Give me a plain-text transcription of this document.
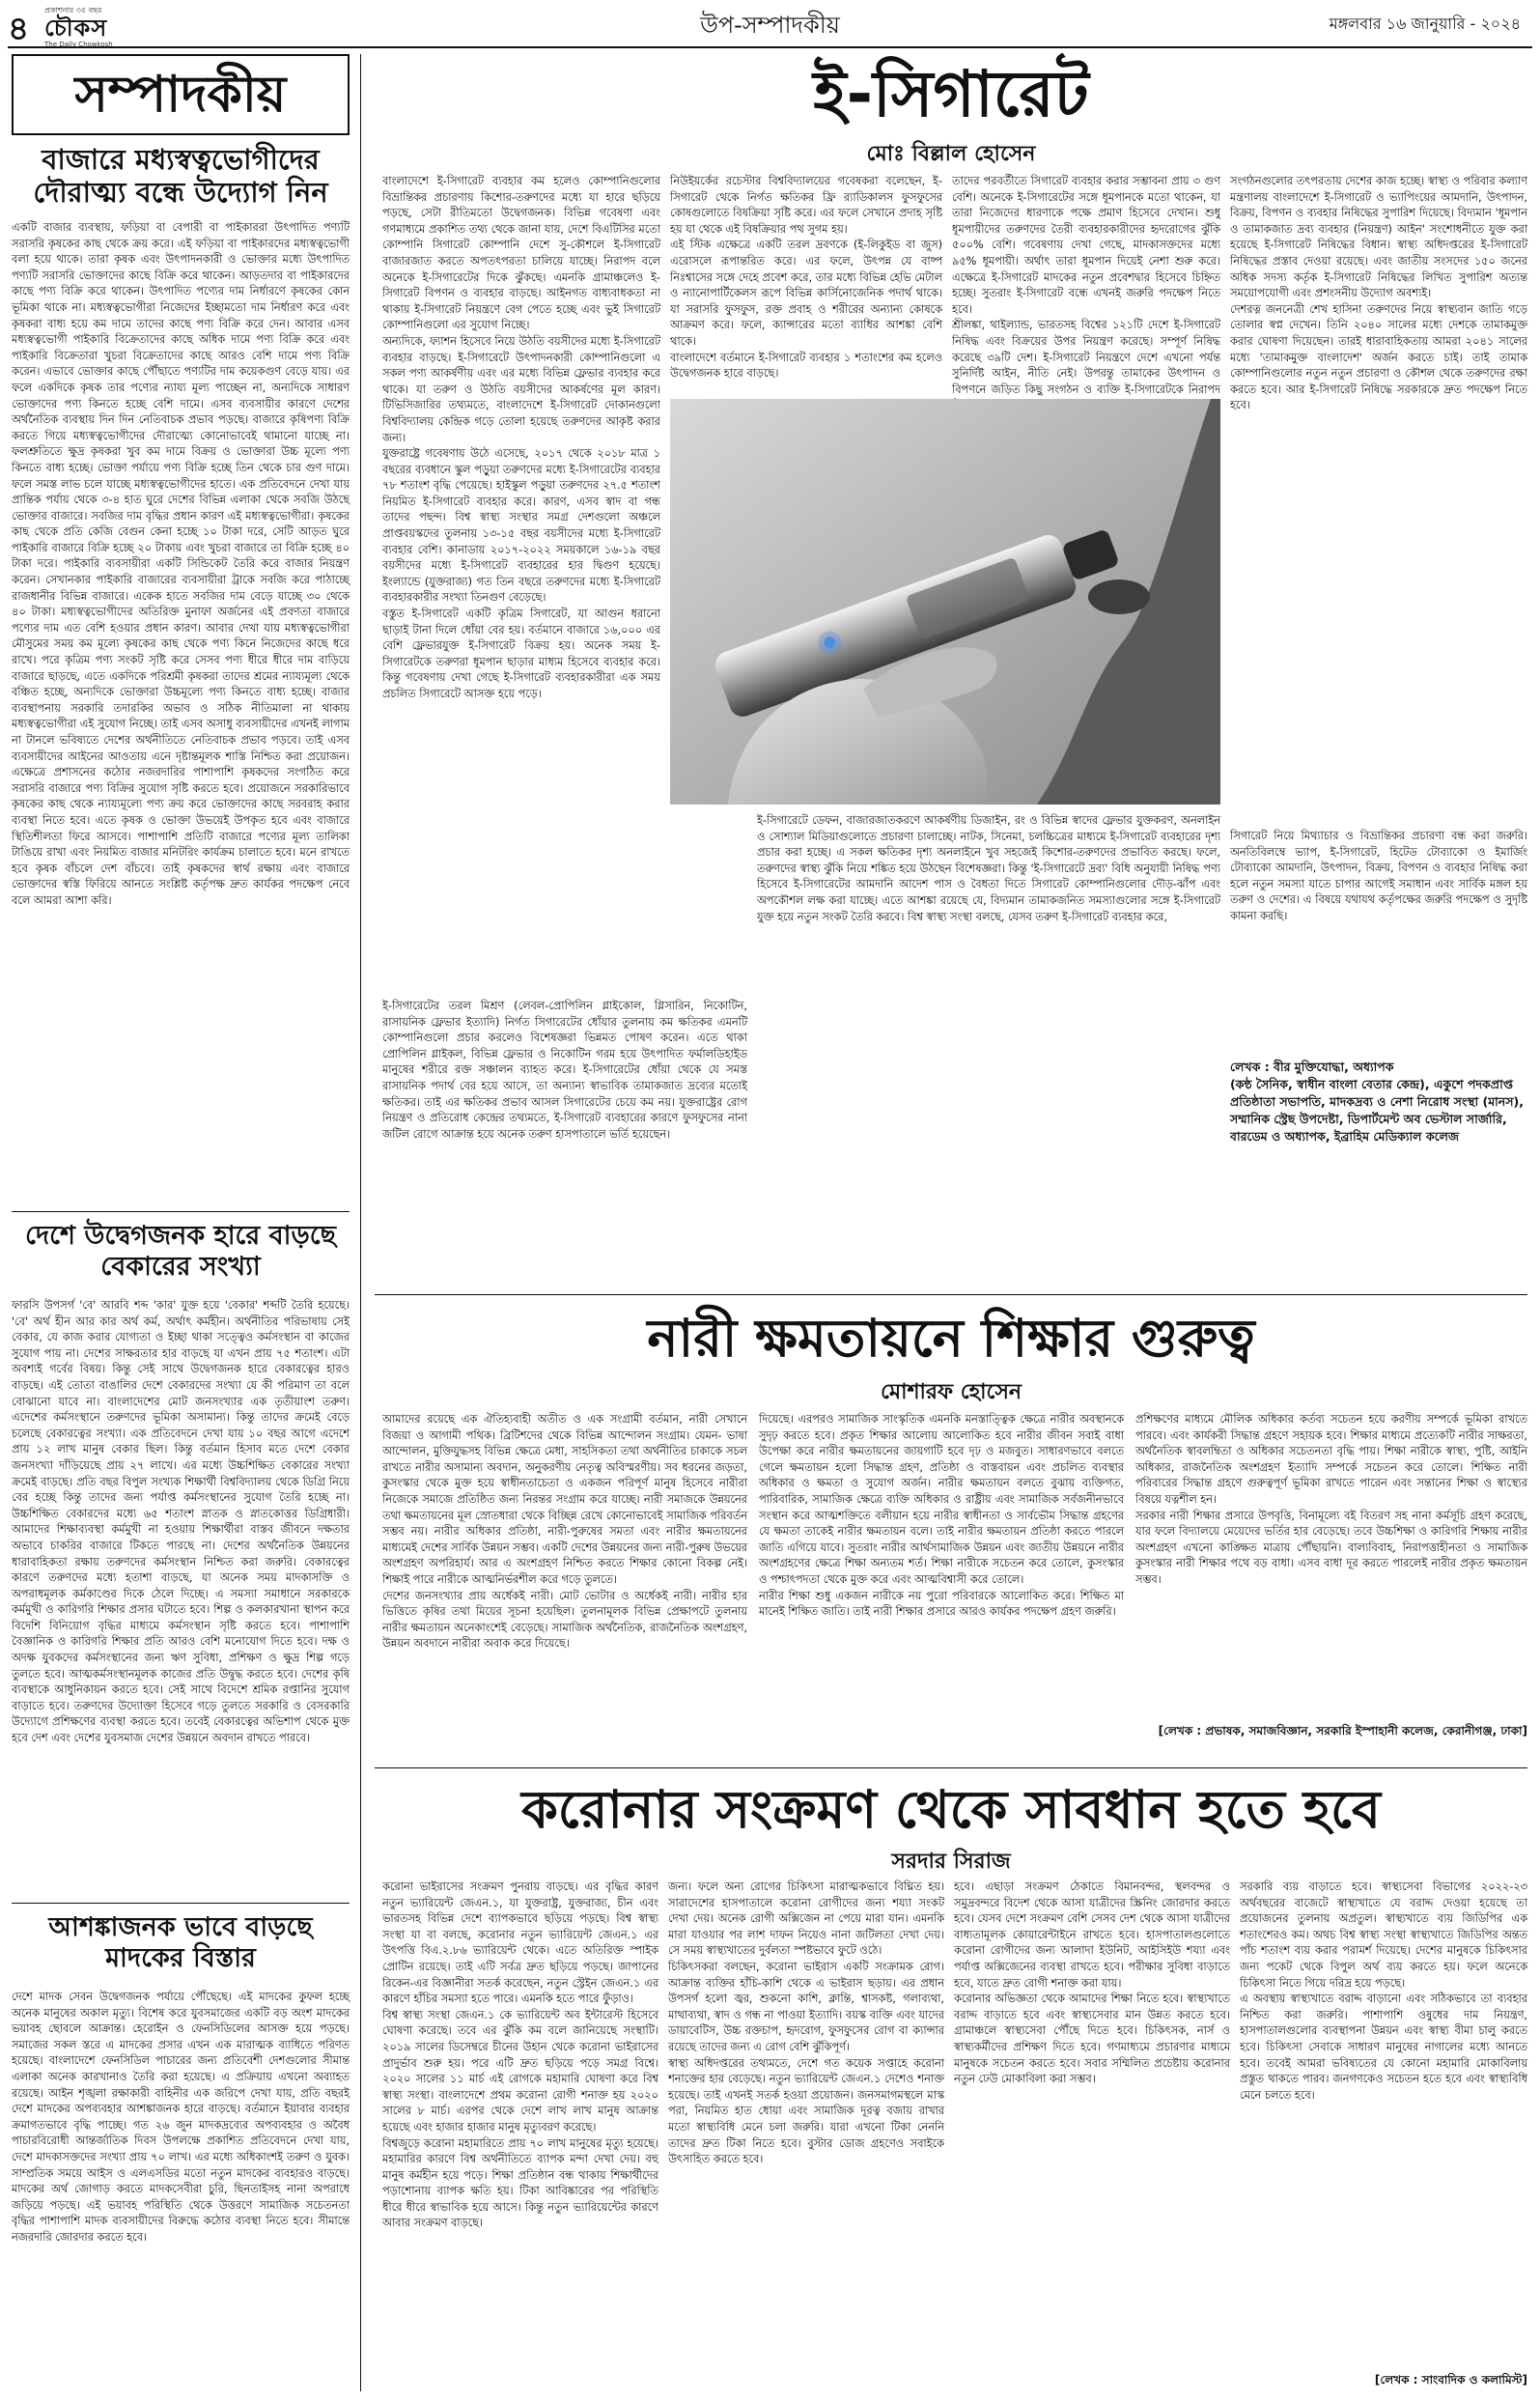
৪ প্রকাশনার ৩৫ বছর
চৌকস
The Daily Chowkosh
উপ-সম্পাদকীয়	মঙ্গলবার ১৬ জানুয়ারি - ২০২৪
সম্পাদকীয়
বাজারে মধ্যস্বত্বভোগীদের দৌরাত্ম্য বন্ধে উদ্যোগ নিন
একটি বাজার ব্যবস্থায়, ফড়িয়া বা বেপারী বা পাইকাররা উৎপাদিত পণ্যটি সরাসরি কৃষকের কাছ থেকে ক্রয় করে। এই ফড়িয়া বা পাইকারদের মধ্যস্বত্বভোগী বলা হয়ে থাকে। তারা কৃষক এবং উৎপাদনকারী ও ভোক্তার মধ্যে উৎপাদিত পণ্যটি সরাসরি ভোক্তাদের কাছে বিক্রি করে থাকেন। আড়তদার বা পাইকারদের কাছে পণ্য বিক্রি করে থাকেন। উৎপাদিত পণ্যের দাম নির্ধারণে কৃষকের কোন ভূমিকা থাকে না। মধ্যস্বত্বভোগীরা নিজেদের ইচ্ছামতো দাম নির্ধারণ করে এবং কৃষকরা বাধ্য হয়ে কম দামে তাদের কাছে পণ্য বিক্রি করে দেন। আবার এসব মধ্যস্বত্বভোগী পাইকারি বিক্রেতাদের কাছে অধিক দামে পণ্য বিক্রি করে এবং পাইকারি বিক্রেতারা খুচরা বিক্রেতাদের কাছে আরও বেশি দামে পণ্য বিক্রি করেন। এভাবে ভোক্তার কাছে পৌঁছাতে পণ্যটির দাম কয়েকগুণ বেড়ে যায়। এর ফলে একদিকে কৃষক তার পণ্যের ন্যায্য মূল্য পাচ্ছেন না, অন্যদিকে সাধারণ ভোক্তাদের পণ্য কিনতে হচ্ছে বেশি দামে। এসব ব্যবসায়ীর কারণে দেশের অর্থনৈতিক ব্যবস্থায় দিন দিন নেতিবাচক প্রভাব পড়ছে। বাজারে কৃষিপণ্য বিক্রি করতে গিয়ে মধ্যস্বত্বভোগীদের দৌরাত্ম্যে কোনোভাবেই থামানো যাচ্ছে না। ফলশ্রুতিতে ক্ষুদ্র কৃষকরা খুব কম দামে বিক্রয় ও ভোক্তারা উচ্চ মূল্যে পণ্য কিনতে বাধ্য হচ্ছে। ভোক্তা পর্যায়ে পণ্য বিক্রি হচ্ছে তিন থেকে চার গুণ দামে। ফলে সমস্ত লাভ চলে যাচ্ছে মধ্যস্বত্বভোগীদের হাতে। এক প্রতিবেদনে দেখা যায় প্রান্তিক পর্যায় থেকে ৩-৪ হাত ঘুরে দেশের বিভিন্ন এলাকা থেকে সবজি উঠছে ভোক্তার বাজারে। সবজির দাম বৃদ্ধির প্রধান কারণ এই মধ্যস্বত্বভোগীরা। কৃষকের কাছ থেকে প্রতি কেজি বেগুন কেনা হচ্ছে ১০ টাকা দরে, সেটি আড়ত ঘুরে পাইকারি বাজারে বিক্রি হচ্ছে ২০ টাকায় এবং খুচরা বাজারে তা বিক্রি হচ্ছে ৪০ টাকা দরে। পাইকারি ব্যবসায়ীরা একটি সিন্ডিকেট তৈরি করে বাজার নিয়ন্ত্রণ করেন। সেখানকার পাইকারি বাজারের ব্যবসায়ীরা ট্রাকে সবজি করে পাঠাচ্ছে রাজধানীর বিভিন্ন বাজারে। একেক হাতে সবজির দাম বেড়ে যাচ্ছে ৩০ থেকে ৪০ টাকা। মধ্যস্বত্বভোগীদের অতিরিক্ত মুনাফা অর্জনের এই প্রবণতা বাজারে পণ্যের দাম এত বেশি হওয়ার প্রধান কারণ। আবার দেখা যায় মধ্যস্বত্বভোগীরা মৌসুমের সময় কম মূল্যে কৃষকের কাছ থেকে পণ্য কিনে নিজেদের কাছে ধরে রাখে। পরে কৃত্রিম পণ্য সংকট সৃষ্টি করে সেসব পণ্য ধীরে ধীরে দাম বাড়িয়ে বাজারে ছাড়ছে, এতে একদিকে পরিশ্রমী কৃষকরা তাদের শ্রমের ন্যায্যমূল্য থেকে বঞ্চিত হচ্ছে, অন্যদিকে ভোক্তারা উচ্চমূল্যে পণ্য কিনতে বাধ্য হচ্ছে। বাজার ব্যবস্থাপনায় সরকারি তদারকির অভাব ও সঠিক নীতিমালা না থাকায় মধ্যস্বত্বভোগীরা এই সুযোগ নিচ্ছে। তাই এসব অসাধু ব্যবসায়ীদের এখনই লাগাম না টানলে ভবিষ্যতে দেশের অর্থনীতিতে নেতিবাচক প্রভাব পড়বে। তাই এসব ব্যবসায়ীদের আইনের আওতায় এনে দৃষ্টান্তমূলক শাস্তি নিশ্চিত করা প্রয়োজন। এক্ষেত্রে প্রশাসনের কঠোর নজরদারির পাশাপাশি কৃষকদের সংগঠিত করে সরাসরি বাজারে পণ্য বিক্রির সুযোগ সৃষ্টি করতে হবে। প্রয়োজনে সরকারিভাবে কৃষকের কাছ থেকে ন্যায্যমূল্যে পণ্য ক্রয় করে ভোক্তাদের কাছে সরবরাহ করার ব্যবস্থা নিতে হবে। এতে কৃষক ও ভোক্তা উভয়েই উপকৃত হবে এবং বাজারে স্থিতিশীলতা ফিরে আসবে। পাশাপাশি প্রতিটি বাজারে পণ্যের মূল্য তালিকা টাঙিয়ে রাখা এবং নিয়মিত বাজার মনিটরিং কার্যক্রম চালাতে হবে। মনে রাখতে হবে কৃষক বাঁচলে দেশ বাঁচবে। তাই কৃষকদের স্বার্থ রক্ষায় এবং বাজারে ভোক্তাদের স্বস্তি ফিরিয়ে আনতে সংশ্লিষ্ট কর্তৃপক্ষ দ্রুত কার্যকর পদক্ষেপ নেবে বলে আমরা আশা করি।
দেশে উদ্বেগজনক হারে বাড়ছে বেকারের সংখ্যা
ফারসি উপসর্গ 'বে' আরবি শব্দ 'কার' যুক্ত হয়ে 'বেকার' শব্দটি তৈরি হয়েছে। 'বে' অর্থ হীন আর কার অর্থ কর্ম, অর্থাৎ কর্মহীন। অর্থনীতির পরিভাষায় সেই বেকার, যে কাজ করার যোগ্যতা ও ইচ্ছা থাকা সত্ত্বেও কর্মসংস্থান বা কাজের সুযোগ পায় না। দেশের সাক্ষরতার হার বাড়ছে যা এখন প্রায় ৭৫ শতাংশ। এটা অবশ্যই গর্বের বিষয়। কিন্তু সেই সাথে উদ্বেগজনক হারে বেকারত্বের হারও বাড়ছে। এই তোতা বাঙালির দেশে বেকারদের সংখ্যা যে কী পরিমাণ তা বলে বোঝানো যাবে না। বাংলাদেশের মোট জনসংখ্যার এক তৃতীয়াংশ তরুণ। এদেশের কর্মসংস্থানে তরুণদের ভূমিকা অসামান্য। কিন্তু তাদের ক্রমেই বেড়ে চলেছে বেকারত্বের সংখ্যা। এক প্রতিবেদনে দেখা যায় ১০ বছর আগে এদেশে প্রায় ১২ লাখ মানুষ বেকার ছিল। কিন্তু বর্তমান হিসাব মতে দেশে বেকার জনসংখ্যা দাঁড়িয়েছে প্রায় ২৭ লাখে। এর মধ্যে উচ্চশিক্ষিত বেকারের সংখ্যা ক্রমেই বাড়ছে। প্রতি বছর বিপুল সংখ্যক শিক্ষার্থী বিশ্ববিদ্যালয় থেকে ডিগ্রি নিয়ে বের হচ্ছে কিন্তু তাদের জন্য পর্যাপ্ত কর্মসংস্থানের সুযোগ তৈরি হচ্ছে না। উচ্চশিক্ষিত বেকারদের মধ্যে ৬৫ শতাংশ স্নাতক ও স্নাতকোত্তর ডিগ্রিধারী। আমাদের শিক্ষাব্যবস্থা কর্মমুখী না হওয়ায় শিক্ষার্থীরা বাস্তব জীবনে দক্ষতার অভাবে চাকরির বাজারে টিকতে পারছে না। দেশের অর্থনৈতিক উন্নয়নের ধারাবাহিকতা রক্ষায় তরুণদের কর্মসংস্থান নিশ্চিত করা জরুরি। বেকারত্বের কারণে তরুণদের মধ্যে হতাশা বাড়ছে, যা অনেক সময় মাদকাসক্তি ও অপরাধমূলক কর্মকাণ্ডের দিকে ঠেলে দিচ্ছে। এ সমস্যা সমাধানে সরকারকে কর্মমুখী ও কারিগরি শিক্ষার প্রসার ঘটাতে হবে। শিল্প ও কলকারখানা স্থাপন করে বিদেশি বিনিয়োগ বৃদ্ধির মাধ্যমে কর্মসংস্থান সৃষ্টি করতে হবে। পাশাপাশি বৈজ্ঞানিক ও কারিগরি শিক্ষার প্রতি আরও বেশি মনোযোগ দিতে হবে। দক্ষ ও অদক্ষ যুবকদের কর্মসংস্থানের জন্য ঋণ সুবিধা, প্রশিক্ষণ ও ক্ষুদ্র শিল্প গড়ে তুলতে হবে। আত্মকর্মসংস্থানমূলক কাজের প্রতি উদ্বুদ্ধ করতে হবে। দেশের কৃষি ব্যবস্থাকে আধুনিকায়ন করতে হবে। সেই সাথে বিদেশে শ্রমিক রপ্তানির সুযোগ বাড়াতে হবে। তরুণদের উদ্যোক্তা হিসেবে গড়ে তুলতে সরকারি ও বেসরকারি উদ্যোগে প্রশিক্ষণের ব্যবস্থা করতে হবে। তবেই বেকারত্বের অভিশাপ থেকে মুক্ত হবে দেশ এবং দেশের যুবসমাজ দেশের উন্নয়নে অবদান রাখতে পারবে।
আশঙ্কাজনক ভাবে বাড়ছে মাদকের বিস্তার
দেশে মাদক সেবন উদ্বেগজনক পর্যায়ে পৌঁছেছে। এই মাদকের কুফল হচ্ছে অনেক মানুষের অকাল মৃত্যু। বিশেষ করে যুবসমাজের একটি বড় অংশ মাদকের ভয়াবহ ছোবলে আক্রান্ত। হেরোইন ও ফেনসিডিলের আসক্ত হয়ে পড়ছে। সমাজের সকল স্তরে এ মাদকের প্রসার এখন এক মারাত্মক ব্যাধিতে পরিণত হয়েছে। বাংলাদেশে ফেনসিডিল পাচারের জন্য প্রতিবেশী দেশগুলোর সীমান্ত এলাকা অনেক কারখানাও তৈরি করা হয়েছে। এ প্রক্রিয়ায় এখনো অব্যাহত রয়েছে। আইন শৃঙ্খলা রক্ষাকারী বাহিনীর এক জরিপে দেখা যায়, প্রতি বছরই দেশে মাদকের অপব্যবহার আশঙ্কাজনক হারে বাড়ছে। বর্তমানে ইয়াবার ব্যবহার ক্রমাগতভাবে বৃদ্ধি পাচ্ছে। গত ২৬ জুন মাদকদ্রব্যের অপব্যবহার ও অবৈধ পাচারবিরোধী আন্তর্জাতিক দিবস উপলক্ষে প্রকাশিত প্রতিবেদনে দেখা যায়, দেশে মাদকাসক্তদের সংখ্যা প্রায় ৭০ লাখ। এর মধ্যে অধিকাংশই তরুণ ও যুবক। সাম্প্রতিক সময়ে আইস ও এলএসডির মতো নতুন মাদকের ব্যবহারও বাড়ছে। মাদকের অর্থ জোগাড় করতে মাদকসেবীরা চুরি, ছিনতাইসহ নানা অপরাধে জড়িয়ে পড়ছে। এই ভয়াবহ পরিস্থিতি থেকে উত্তরণে সামাজিক সচেতনতা বৃদ্ধির পাশাপাশি মাদক ব্যবসায়ীদের বিরুদ্ধে কঠোর ব্যবস্থা নিতে হবে। সীমান্তে নজরদারি জোরদার করতে হবে।
ই-সিগারেট
মোঃ বিল্লাল হোসেন
বাংলাদেশে ই-সিগারেট ব্যবহার কম হলেও কোম্পানিগুলোর বিভ্রান্তিকর প্রচারণায় কিশোর-তরুণদের মধ্যে যা হারে ছড়িয়ে পড়ছে, সেটা রীতিমতো উদ্বেগজনক। বিভিন্ন গবেষণা এবং গণমাধ্যমে প্রকাশিত তথ্য থেকে জানা যায়, দেশে বিএটিসির মতো কোম্পানি সিগারেট কোম্পানি দেশে সু-কৌশলে ই-সিগারেট বাজারজাত করতে অপতৎপরতা চালিয়ে যাচ্ছে। নিরাপদ বলে অনেকে ই-সিগারেটের দিকে ঝুঁকছে। এমনকি গ্রামাঞ্চলেও ই-সিগারেট বিপণন ও ব্যবহার বাড়ছে। আইনগত বাধ্যবাধকতা না থাকায় ই-সিগারেট নিয়ন্ত্রণে বেগ পেতে হচ্ছে এবং ভুই সিগারেট কোম্পানিগুলো এর সুযোগ নিচ্ছে।
অন্যদিকে, ফ্যাশন হিসেবে নিয়ে উঠতি বয়সীদের মধ্যে ই-সিগারেট ব্যবহার বাড়ছে। ই-সিগারেটে উৎপাদনকারী কোম্পানিগুলো এ সকল পণ্য আকর্ষণীয় এবং এর মধ্যে বিভিন্ন ফ্লেভার ব্যবহার করে থাকে। যা তরুণ ও উঠতি বয়সীদের আকর্ষণের মূল কারণ। টিভিসিজারির তথ্যমতে, বাংলাদেশে ই-সিগারেট দোকানগুলো বিশ্ববিদ্যালয় কেন্দ্রিক গড়ে তোলা হয়েছে তরুণদের আকৃষ্ট করার জন্য।
যুক্তরাষ্ট্রে গবেষণায় উঠে এসেছে, ২০১৭ থেকে ২০১৮ মাত্র ১ বছরের ব্যবধানে স্কুল পড়ুয়া তরুণদের মধ্যে ই-সিগারেটের ব্যবহার ৭৮ শতাংশ বৃদ্ধি পেয়েছে। হাইস্কুল পড়ুয়া তরুণদের ২৭.৫ শতাংশ নিয়মিত ই-সিগারেট ব্যবহার করে। কারণ, এসব স্বাদ বা গন্ধ তাদের পছন্দ। বিশ্ব স্বাস্থ্য সংস্থার সমগ্র দেশগুলো অঞ্চলে প্রাপ্তবয়স্কদের তুলনায় ১৩-১৫ বছর বয়সীদের মধ্যে ই-সিগারেট ব্যবহার বেশি। কানাডায় ২০১৭-২০২২ সময়কালে ১৬-১৯ বছর বয়সীদের মধ্যে ই-সিগারেট ব্যবহারের হার দ্বিগুণ হয়েছে। ইংল্যান্ডে (যুক্তরাজ্য) গত তিন বছরে তরুণদের মধ্যে ই-সিগারেট ব্যবহারকারীর সংখ্যা তিনগুণ বেড়েছে।
বস্তুত ই-সিগারেট একটি কৃত্রিম সিগারেট, যা আগুন ধরানো ছাড়াই টানা দিলে ধোঁয়া বের হয়। বর্তমানে বাজারে ১৬,০০০ এর বেশি ফ্লেভারযুক্ত ই-সিগারেট বিক্রয় হয়। অনেক সময় ই-সিগারেটকে তরুণরা ধূমপান ছাড়ার মাধ্যম হিসেবে ব্যবহার করে। কিন্তু গবেষণায় দেখা গেছে ই-সিগারেট ব্যবহারকারীরা এক সময় প্রচলিত সিগারেটে আসক্ত হয়ে পড়ে।
নিউইয়র্কের রচেস্টার বিশ্ববিদ্যালয়ের গবেষকরা বলেছেন, ই-সিগারেট থেকে নির্গত ক্ষতিকর ফ্রি র‍্যাডিকালস ফুসফুসের কোষগুলোতে বিষক্রিয়া সৃষ্টি করে। এর ফলে সেখানে প্রদাহ সৃষ্টি হয় যা থেকে এই বিষক্রিয়ার পথ সুগম হয়।
এই স্টিক এক্ষেত্রে একটি তরল দ্রবণকে (ই-লিকুইড বা জুস) এরোসলে রূপান্তরিত করে। এর ফলে, উৎপন্ন যে বাষ্প নিঃশ্বাসের সঙ্গে দেহে প্রবেশ করে, তার মধ্যে বিভিন্ন হেভি মেটাল ও ন্যানোপার্টিকেলস রূপে বিভিন্ন কার্সিনোজেনিক পদার্থ থাকে। যা সরাসরি ফুসফুস, রক্ত প্রবাহ ও শরীরের অন্যান্য কোষকে আক্রমণ করে। ফলে, ক্যান্সারের মতো ব্যাধির আশঙ্কা বেশি থাকে।
বাংলাদেশে বর্তমানে ই-সিগারেট ব্যবহার ১ শতাংশের কম হলেও উদ্বেগজনক হারে বাড়ছে।
তাদের পরবর্তীতে সিগারেট ব্যবহার করার সম্ভাবনা প্রায় ৩ গুণ বেশি। অনেকে ই-সিগারেটের সঙ্গে ধূমপানকে মতো থাকেন, যা তারা নিজেদের ধারণাকে পক্ষে প্রমাণ হিসেবে দেখান। শুধু ধূমপায়ীদের তরুণদের তৈরী ব্যবহারকারীদের হৃদরোগের ঝুঁকি ৫০০% বেশি। গবেষণায় দেখা গেছে, মাদকাসক্তদের মধ্যে ৯৫% ধূমপায়ী। অর্থাৎ তারা ধূমপান দিয়েই নেশা শুরু করে। এক্ষেত্রে ই-সিগারেট মাদকের নতুন প্রবেশদ্বার হিসেবে চিহ্নিত হচ্ছে। সুতরাং ই-সিগারেট বন্ধে এখনই জরুরি পদক্ষেপ নিতে হবে।
শ্রীলঙ্কা, থাইল্যান্ড, ভারতসহ বিশ্বের ১২১টি দেশে ই-সিগারেট নিষিদ্ধ এবং বিক্রয়ের উপর নিয়ন্ত্রণ করেছে। সম্পূর্ণ নিষিদ্ধ করেছে ৩৯টি দেশ। ই-সিগারেট নিয়ন্ত্রণে দেশে এখনো পর্যন্ত সুনির্দিষ্ট আইন, নীতি নেই। উপরন্তু তামাকের উৎপাদন ও বিপণনে জড়িত কিছু সংগঠন ও ব্যক্তি ই-সিগারেটকে নিরাপদ
সংগঠনগুলোর তৎপরতায় দেশের কাজ হচ্ছে। স্বাস্থ্য ও পরিবার কল্যাণ মন্ত্রণালয় বাংলাদেশে ই-সিগারেট ও ভ্যাপিংয়ের আমদানি, উৎপাদন, বিক্রয়, বিপণন ও ব্যবহার নিষিদ্ধের সুপারিশ দিয়েছে। বিদ্যমান 'ধূমপান ও তামাকজাত দ্রব্য ব্যবহার (নিয়ন্ত্রণ) আইন' সংশোধনীতে যুক্ত করা হয়েছে ই-সিগারেট নিষিদ্ধের বিধান। স্বাস্থ্য অধিদপ্তরের ই-সিগারেট নিষিদ্ধের প্রস্তাব দেওয়া রয়েছে। এবং জাতীয় সংসদের ১৫০ জনের অধিক সদস্য কর্তৃক ই-সিগারেট নিষিদ্ধের লিখিত সুপারিশ অত্যন্ত সময়োপযোগী এবং প্রশংসনীয় উদ্যোগ অবশ্যই।
দেশরত্ন জননেত্রী শেখ হাসিনা তরুণদের নিয়ে স্বাস্থ্যবান জাতি গড়ে তোলার স্বপ্ন দেখেন। তিনি ২০৪০ সালের মধ্যে দেশকে তামাকমুক্ত করার ঘোষণা দিয়েছেন। তারই ধারাবাহিকতায় আমরা ২০৪১ সালের মধ্যে 'তামাকমুক্ত বাংলাদেশ' অর্জন করতে চাই। তাই তামাক কোম্পানিগুলোর নতুন নতুন প্রচারণা ও কৌশল থেকে তরুণদের রক্ষা করতে হবে। আর ই-সিগারেট নিষিদ্ধে সরকারকে দ্রুত পদক্ষেপ নিতে হবে।
ই-সিগারেটের তরল মিশ্রণ (লেবল-প্রোপিলিন গ্লাইকোল, গ্লিসারিন, নিকোটিন, রাসায়নিক ফ্লেভার ইত্যাদি) নির্গত সিগারেটের ধোঁয়ার তুলনায় কম ক্ষতিকর এমনটি কোম্পানিগুলো প্রচার করলেও বিশেষজ্ঞরা ভিন্নমত পোষণ করেন। এতে থাকা প্রোপিলিন গ্লাইকল, বিভিন্ন ফ্লেভার ও নিকোটিন গরম হয়ে উৎপাদিত ফর্মালডিহাইড মানুষের শরীরে রক্ত সঞ্চালন ব্যাহত করে। ই-সিগারেটের ধোঁয়া থেকে যে সমস্ত রাসায়নিক পদার্থ বের হয়ে আসে, তা অন্যান্য স্বাভাবিক তামাকজাত দ্রব্যের মতোই ক্ষতিকর। তাই এর ক্ষতিকর প্রভাব আসল সিগারেটের চেয়ে কম নয়। যুক্তরাষ্ট্রের রোগ নিয়ন্ত্রণ ও প্রতিরোধ কেন্দ্রের তথ্যমতে, ই-সিগারেট ব্যবহারের কারণে ফুসফুসের নানা জটিল রোগে আক্রান্ত হয়ে অনেক তরুণ হাসপাতালে ভর্তি হয়েছেন।
ই-সিগারেটে ডেফন, বাজারজাতকরণে আকর্ষণীয় ডিজাইন, রং ও বিভিন্ন স্বাদের ফ্লেভার যুক্তকরণ, অনলাইন ও সোশ্যাল মিডিয়াগুলোতে প্রচারণা চালাচ্ছে। নাটক, সিনেমা, চলচ্চিত্রের মাধ্যমে ই-সিগারেট ব্যবহারের দৃশ্য প্রচার করা হচ্ছে। এ সকল ক্ষতিকর দৃশ্য অনলাইনে খুব সহজেই কিশোর-তরুণদের প্রভাবিত করছে। ফলে, তরুণদের স্বাস্থ্য ঝুঁকি নিয়ে শঙ্কিত হয়ে উঠছেন বিশেষজ্ঞরা। কিন্তু 'ই-সিগারেটে দ্রব্য' বিধি অনুযায়ী নিষিদ্ধ পণ্য হিসেবে ই-সিগারেটের আমদানি আদেশ পাস ও বৈধতা দিতে সিগারেট কোম্পানিগুলোর দৌড়-ঝাঁপ এবং অপকৌশল লক্ষ করা যাচ্ছে। এতে আশঙ্কা রয়েছে যে, বিদ্যমান তামাকজনিত সমস্যাগুলোর সঙ্গে ই-সিগারেট যুক্ত হয়ে নতুন সংকট তৈরি করবে। বিশ্ব স্বাস্থ্য সংস্থা বলছে, যেসব তরুণ ই-সিগারেট ব্যবহার করে,
সিগারেট নিয়ে মিথ্যাচার ও বিভ্রান্তিকর প্রচারণা বন্ধ করা জরুরি। অনতিবিলম্বে ভ্যাপ, ই-সিগারেট, হিটেড টোব্যাকো ও ইমার্জিং টোব্যাকো আমদানি, উৎপাদন, বিক্রয়, বিপণন ও ব্যবহার নিষিদ্ধ করা হলে নতুন সমস্যা যাতে চাপার আগেই সমাধান এবং সার্বিক মঙ্গল হয় তরুণ ও দেশের। এ বিষয়ে যথাযথ কর্তৃপক্ষের জরুরি পদক্ষেপ ও সুদৃষ্টি কামনা করছি।
লেখক : বীর মুক্তিযোদ্ধা, অধ্যাপক
(কন্ঠ সৈনিক, স্বাধীন বাংলা বেতার কেন্দ্র), একুশে পদকপ্রাপ্ত প্রতিষ্ঠাতা সভাপতি, মাদকদ্রব্য ও নেশা নিরোধ সংস্থা (মানস), সম্মানিক স্ট্রেছ উপদেষ্টা, ডিপার্টমেন্ট অব ভেস্টাল সার্জারি, বারডেম ও অধ্যাপক, ইব্রাহিম মেডিক্যাল কলেজ
নারী ক্ষমতায়নে শিক্ষার গুরুত্ব
মোশারফ হোসেন
আমাদের রয়েছে এক ঐতিহ্যবাহী অতীত ও এক সংগ্রামী বর্তমান, নারী সেখানে বিজয়া ও আগামী পথিক। ব্রিটিশদের থেকে বিভিন্ন আন্দোলন সংগ্রাম। যেমন- ভাষা আন্দোলন, মুক্তিযুদ্ধসহ বিভিন্ন ক্ষেত্রে মেধা, সাহসিকতা তথা অর্থনীতির চাকাকে সচল রাখতে নারীর অসামান্য অবদান, অনুকরণীয় নেতৃত্ব অবিস্মরণীয়। সব ধরনের জড়তা, কুসংস্কার থেকে মুক্ত হয়ে স্বাধীনতাচেতা ও একজন পরিপূর্ণ মানুষ হিসেবে নারীরা নিজেকে সমাজে প্রতিষ্ঠিত জন্য নিরন্তর সংগ্রাম করে যাচ্ছে। নারী সমাজকে উন্নয়নের তথা ক্ষমতায়নের মূল স্রোতধারা থেকে বিচ্ছিন্ন রেখে কোনোভাবেই সামাজিক পরিবর্তন সম্ভব নয়। নারীর অধিকার প্রতিষ্ঠা, নারী-পুরুষের সমতা এবং নারীর ক্ষমতায়নের মাধ্যমেই দেশের সার্বিক উন্নয়ন সম্ভব। একটি দেশের উন্নয়নের জন্য নারী-পুরুষ উভয়ের অংশগ্রহণ অপরিহার্য। আর এ অংশগ্রহণ নিশ্চিত করতে শিক্ষার কোনো বিকল্প নেই। শিক্ষাই পারে নারীকে আত্মনির্ভরশীল করে গড়ে তুলতে।
দেশের জনসংখ্যার প্রায় অর্ধেকই নারী। মোট ভোটার ও অর্ধেকই নারী। নারীর হার ভিত্তিতে কৃষির তথা মিয়ের সূচনা হয়েছিল। তুলনামূলক বিভিন্ন প্রেক্ষাপটে তুলনায় নারীর ক্ষমতায়ন অনেকাংশেই বেড়েছে। সামাজিক অর্থনৈতিক, রাজনৈতিক অংশগ্রহণ, উন্নয়ন অবদানে নারীরা অবাক করে দিয়েছে।
দিয়েছে। এরপরও সামাজিক সাংস্কৃতিক এমনকি মনস্তাত্ত্বিক ক্ষেত্রে নারীর অবস্থানকে সুদৃঢ় করতে হবে। প্রকৃত শিক্ষার আলোয় আলোকিত হবে নারীর জীবন সবাই বাধা উপেক্ষা করে নারীর ক্ষমতায়নের জায়গাটি হবে দৃঢ় ও মজবুত। সাধারণভাবে বলতে গেলে ক্ষমতায়ন হলো সিদ্ধান্ত গ্রহণ, প্রতিষ্ঠা ও বাস্তবায়ন এবং প্রচলিত ব্যবস্থার অধিকার ও ক্ষমতা ও সুযোগ অর্জন। নারীর ক্ষমতায়ন বলতে বুঝায় ব্যক্তিগত, পারিবারিক, সামাজিক ক্ষেত্রে ব্যক্তি অধিকার ও রাষ্ট্রীয় এবং সামাজিক সর্বজনীনভাবে সংস্থান করে আত্মশক্তিতে বলীয়ান হয়ে নারীর স্বাধীনতা ও সার্বভৌম সিদ্ধান্ত গ্রহণের যে ক্ষমতা তাকেই নারীর ক্ষমতায়ন বলে। তাই নারীর ক্ষমতায়ন প্রতিষ্ঠা করতে পারলে জাতি এগিয়ে যাবে। সুতরাং নারীর আর্থসামাজিক উন্নয়ন এবং জাতীয় উন্নয়নে নারীর অংশগ্রহণের ক্ষেত্রে শিক্ষা অন্যতম শর্ত। শিক্ষা নারীকে সচেতন করে তোলে, কুসংস্কার ও পশ্চাৎপদতা থেকে মুক্ত করে এবং আত্মবিশ্বাসী করে তোলে।
নারীর শিক্ষা শুধু একজন নারীকে নয় পুরো পরিবারকে আলোকিত করে। শিক্ষিত মা মানেই শিক্ষিত জাতি। তাই নারী শিক্ষার প্রসারে আরও কার্যকর পদক্ষেপ গ্রহণ জরুরি।
প্রশিক্ষণের মাধ্যমে মৌলিক অধিকার কর্তব্য সচেতন হয়ে করণীয় সম্পর্কে ভূমিকা রাখতে পারবে। এবং কার্যকরী সিদ্ধান্ত গ্রহণে সহায়ক হবে। শিক্ষার মাধ্যমে প্রত্যেকটি নারীর সাক্ষরতা, অর্থনৈতিক স্বাবলম্বিতা ও অধিকার সচেতনতা বৃদ্ধি পায়। শিক্ষা নারীকে স্বাস্থ্য, পুষ্টি, আইনি অধিকার, রাজনৈতিক অংশগ্রহণ ইত্যাদি সম্পর্কে সচেতন করে তোলে। শিক্ষিত নারী পরিবারের সিদ্ধান্ত গ্রহণে গুরুত্বপূর্ণ ভূমিকা রাখতে পারেন এবং সন্তানের শিক্ষা ও স্বাস্থ্যের বিষয়ে যত্নশীল হন।
সরকার নারী শিক্ষার প্রসারে উপবৃত্তি, বিনামূল্যে বই বিতরণ সহ নানা কর্মসূচি গ্রহণ করেছে, যার ফলে বিদ্যালয়ে মেয়েদের ভর্তির হার বেড়েছে। তবে উচ্চশিক্ষা ও কারিগরি শিক্ষায় নারীর অংশগ্রহণ এখনো কাঙ্ক্ষিত মাত্রায় পৌঁছায়নি। বাল্যবিবাহ, নিরাপত্তাহীনতা ও সামাজিক কুসংস্কার নারী শিক্ষার পথে বড় বাধা। এসব বাধা দূর করতে পারলেই নারীর প্রকৃত ক্ষমতায়ন সম্ভব।
[লেখক : প্রভাষক, সমাজবিজ্ঞান, সরকারি ইস্পাহানী কলেজ, কেরানীগঞ্জ, ঢাকা]
করোনার সংক্রমণ থেকে সাবধান হতে হবে
সরদার সিরাজ
করোনা ভাইরাসের সংক্রমণ পুনরায় বাড়ছে। এর বৃদ্ধির কারণ নতুন ভ্যারিয়েন্ট জেএন.১, যা যুক্তরাষ্ট্র, যুক্তরাজ্য, চীন এবং ভারতসহ বিভিন্ন দেশে ব্যাপকভাবে ছড়িয়ে পড়ছে। বিশ্ব স্বাস্থ্য সংস্থা যা বা বলছে, করোনার নতুন ভ্যারিয়েন্ট জেএন.১ এর উৎপত্তি বিএ.২.৮৬ ভ্যারিয়েন্ট থেকে। এতে অতিরিক্ত স্পাইক প্রোটিন রয়েছে। তাই এটি সর্বত্র দ্রুত ছড়িয়ে পড়ছে। জাপানের রিকেন-এর বিজ্ঞানীরা সতর্ক করেছেন, নতুন স্ট্রেইন জেএন.১ এর কারণে হাঁচির সমস্যা হতে পারে। এমনকি হতে পারে ফুঁড়াও।
বিশ্ব স্বাস্থ্য সংস্থা জেএন.১ কে ভ্যারিয়েন্ট অব ইন্টারেস্ট হিসেবে ঘোষণা করেছে। তবে এর ঝুঁকি কম বলে জানিয়েছে সংস্থাটি। ২০১৯ সালের ডিসেম্বরে চীনের উহান থেকে করোনা ভাইরাসের প্রাদুর্ভাব শুরু হয়। পরে এটি দ্রুত ছড়িয়ে পড়ে সমগ্র বিশ্বে। ২০২০ সালের ১১ মার্চ এই রোগকে মহামারি ঘোষণা করে বিশ্ব স্বাস্থ্য সংস্থা। বাংলাদেশে প্রথম করোনা রোগী শনাক্ত হয় ২০২০ সালের ৮ মার্চ। এরপর থেকে দেশে লাখ লাখ মানুষ আক্রান্ত হয়েছে এবং হাজার হাজার মানুষ মৃত্যুবরণ করেছে।
বিশ্বজুড়ে করোনা মহামারিতে প্রায় ৭০ লাখ মানুষের মৃত্যু হয়েছে। মহামারির কারণে বিশ্ব অর্থনীতিতে ব্যাপক মন্দা দেখা দেয়। বহু মানুষ কর্মহীন হয়ে পড়ে। শিক্ষা প্রতিষ্ঠান বন্ধ থাকায় শিক্ষার্থীদের পড়াশোনায় ব্যাপক ক্ষতি হয়। টিকা আবিষ্কারের পর পরিস্থিতি ধীরে ধীরে স্বাভাবিক হয়ে আসে। কিন্তু নতুন ভ্যারিয়েন্টের কারণে আবার সংক্রমণ বাড়ছে।
জন্য। ফলে অন্য রোগের চিকিৎসা মারাত্মকভাবে বিঘ্নিত হয়। সারাদেশের হাসপাতালে করোনা রোগীদের জন্য শয্যা সংকট দেখা দেয়। অনেক রোগী অক্সিজেন না পেয়ে মারা যান। এমনকি মারা যাওয়ার পর লাশ দাফন নিয়েও নানা জটিলতা দেখা দেয়। সে সময় স্বাস্থ্যখাতের দুর্বলতা স্পষ্টভাবে ফুটে ওঠে।
চিকিৎসকরা বলছেন, করোনা ভাইরাস একটি সংক্রামক রোগ। আক্রান্ত ব্যক্তির হাঁচি-কাশি থেকে এ ভাইরাস ছড়ায়। এর প্রধান উপসর্গ হলো জ্বর, শুকনো কাশি, ক্লান্তি, শ্বাসকষ্ট, গলাব্যথা, মাথাব্যথা, স্বাদ ও গন্ধ না পাওয়া ইত্যাদি। বয়স্ক ব্যক্তি এবং যাদের ডায়াবেটিস, উচ্চ রক্তচাপ, হৃদরোগ, ফুসফুসের রোগ বা ক্যান্সার রয়েছে তাদের জন্য এ রোগ বেশি ঝুঁকিপূর্ণ।
স্বাস্থ্য অধিদপ্তরের তথ্যমতে, দেশে গত কয়েক সপ্তাহে করোনা শনাক্তের হার বেড়েছে। নতুন ভ্যারিয়েন্ট জেএন.১ দেশেও শনাক্ত হয়েছে। তাই এখনই সতর্ক হওয়া প্রয়োজন। জনসমাগমস্থলে মাস্ক পরা, নিয়মিত হাত ধোয়া এবং সামাজিক দূরত্ব বজায় রাখার মতো স্বাস্থ্যবিধি মেনে চলা জরুরি। যারা এখনো টিকা নেননি তাদের দ্রুত টিকা নিতে হবে। বুস্টার ডোজ গ্রহণেও সবাইকে উৎসাহিত করতে হবে।
হবে। এছাড়া সংক্রমণ ঠেকাতে বিমানবন্দর, স্থলবন্দর ও সমুদ্রবন্দরে বিদেশ থেকে আসা যাত্রীদের স্ক্রিনিং জোরদার করতে হবে। যেসব দেশে সংক্রমণ বেশি সেসব দেশ থেকে আসা যাত্রীদের বাধ্যতামূলক কোয়ারেন্টাইনে রাখতে হবে। হাসপাতালগুলোতে করোনা রোগীদের জন্য আলাদা ইউনিট, আইসিইউ শয্যা এবং পর্যাপ্ত অক্সিজেনের ব্যবস্থা রাখতে হবে। পরীক্ষার সুবিধা বাড়াতে হবে, যাতে দ্রুত রোগী শনাক্ত করা যায়।
করোনার অভিজ্ঞতা থেকে আমাদের শিক্ষা নিতে হবে। স্বাস্থ্যখাতে বরাদ্দ বাড়াতে হবে এবং স্বাস্থ্যসেবার মান উন্নত করতে হবে। গ্রামাঞ্চলে স্বাস্থ্যসেবা পৌঁছে দিতে হবে। চিকিৎসক, নার্স ও স্বাস্থ্যকর্মীদের প্রশিক্ষণ দিতে হবে। গণমাধ্যমে প্রচারণার মাধ্যমে মানুষকে সচেতন করতে হবে। সবার সম্মিলিত প্রচেষ্টায় করোনার নতুন ঢেউ মোকাবিলা করা সম্ভব।
সরকারি ব্যয় বাড়াতে হবে। স্বাস্থ্যসেবা বিভাগের ২০২২-২৩ অর্থবছরের বাজেটে স্বাস্থ্যখাতে যে বরাদ্দ দেওয়া হয়েছে তা প্রয়োজনের তুলনায় অপ্রতুল। স্বাস্থ্যখাতে ব্যয় জিডিপির এক শতাংশেরও কম। অথচ বিশ্ব স্বাস্থ্য সংস্থা স্বাস্থ্যখাতে জিডিপির অন্তত পাঁচ শতাংশ ব্যয় করার পরামর্শ দিয়েছে। দেশের মানুষকে চিকিৎসার জন্য পকেট থেকে বিপুল অর্থ ব্যয় করতে হয়। ফলে অনেকে চিকিৎসা নিতে গিয়ে দরিদ্র হয়ে পড়ছে।
এ অবস্থায় স্বাস্থ্যখাতে বরাদ্দ বাড়ানো এবং সঠিকভাবে তা ব্যবহার নিশ্চিত করা জরুরি। পাশাপাশি ওষুধের দাম নিয়ন্ত্রণ, হাসপাতালগুলোর ব্যবস্থাপনা উন্নয়ন এবং স্বাস্থ্য বীমা চালু করতে হবে। চিকিৎসা সেবাকে সাধারণ মানুষের নাগালের মধ্যে আনতে হবে। তবেই আমরা ভবিষ্যতের যে কোনো মহামারি মোকাবিলায় প্রস্তুত থাকতে পারব। জনগণকেও সচেতন হতে হবে এবং স্বাস্থ্যবিধি মেনে চলতে হবে।
[লেখক : সাংবাদিক ও কলামিস্ট]
